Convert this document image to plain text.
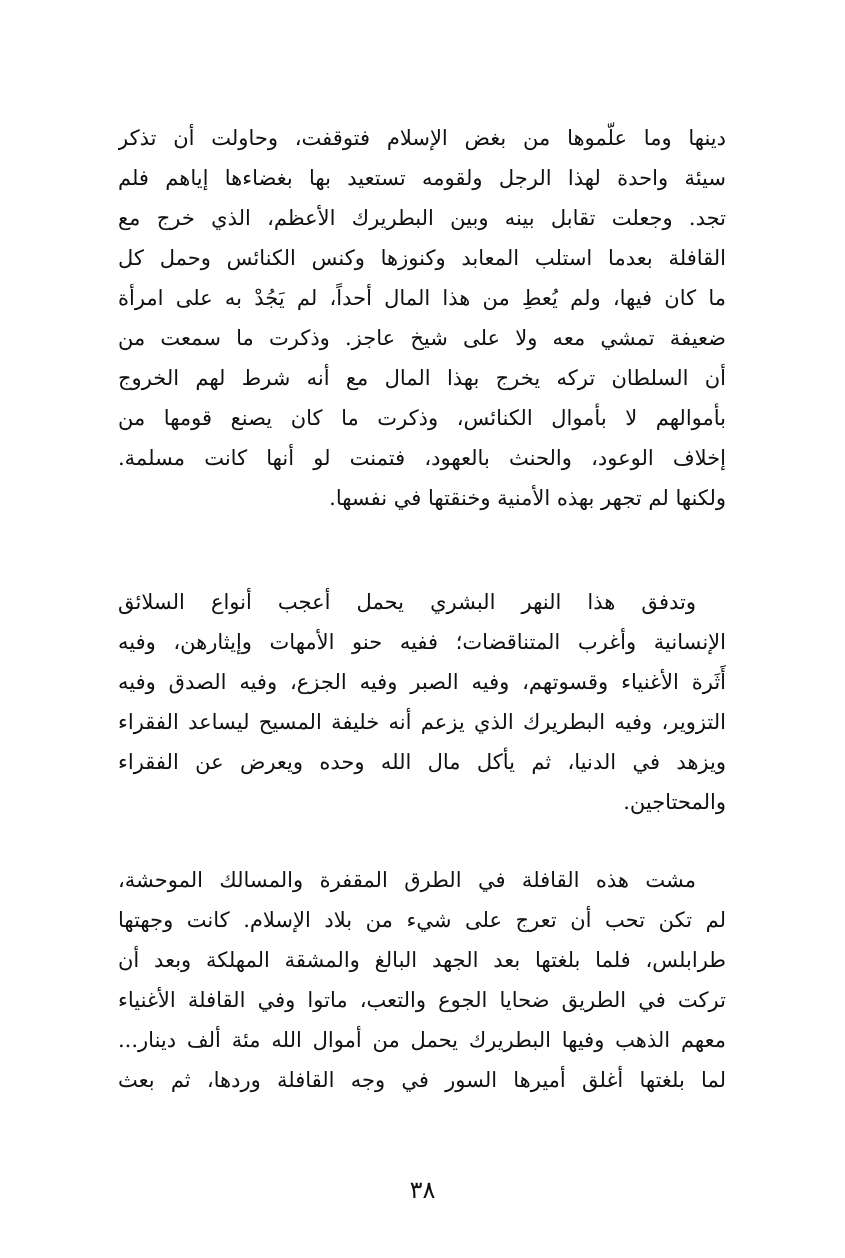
دينها وما علّموها من بغض الإسلام فتوقفت، وحاولت أن تذكر
سيئة واحدة لهذا الرجل ولقومه تستعيد بها بغضاءها إياهم فلم
تجد. وجعلت تقابل بينه وبين البطريرك الأعظم، الذي خرج مع
القافلة بعدما استلب المعابد وكنوزها وكنس الكنائس وحمل كل
ما كان فيها، ولم يُعطِ من هذا المال أحداً، لم يَجُدْ به على امرأة
ضعيفة تمشي معه ولا على شيخ عاجز. وذكرت ما سمعت من
أن السلطان تركه يخرج بهذا المال مع أنه شرط لهم الخروج
بأموالهم لا بأموال الكنائس، وذكرت ما كان يصنع قومها من
إخلاف الوعود، والحنث بالعهود، فتمنت لو أنها كانت مسلمة.
ولكنها لم تجهر بهذه الأمنية وخنقتها في نفسها.
وتدفق هذا النهر البشري يحمل أعجب أنواع السلائق
الإنسانية وأغرب المتناقضات؛ ففيه حنو الأمهات وإيثارهن، وفيه
أَثَرة الأغنياء وقسوتهم، وفيه الصبر وفيه الجزع، وفيه الصدق وفيه
التزوير، وفيه البطريرك الذي يزعم أنه خليفة المسيح ليساعد الفقراء
ويزهد في الدنيا، ثم يأكل مال الله وحده ويعرض عن الفقراء
والمحتاجين.
مشت هذه القافلة في الطرق المقفرة والمسالك الموحشة،
لم تكن تحب أن تعرج على شيء من بلاد الإسلام. كانت وجهتها
طرابلس، فلما بلغتها بعد الجهد البالغ والمشقة المهلكة وبعد أن
تركت في الطريق ضحايا الجوع والتعب، ماتوا وفي القافلة الأغنياء
معهم الذهب وفيها البطريرك يحمل من أموال الله مئة ألف دينار...
لما بلغتها أغلق أميرها السور في وجه القافلة وردها، ثم بعث
٣٨
